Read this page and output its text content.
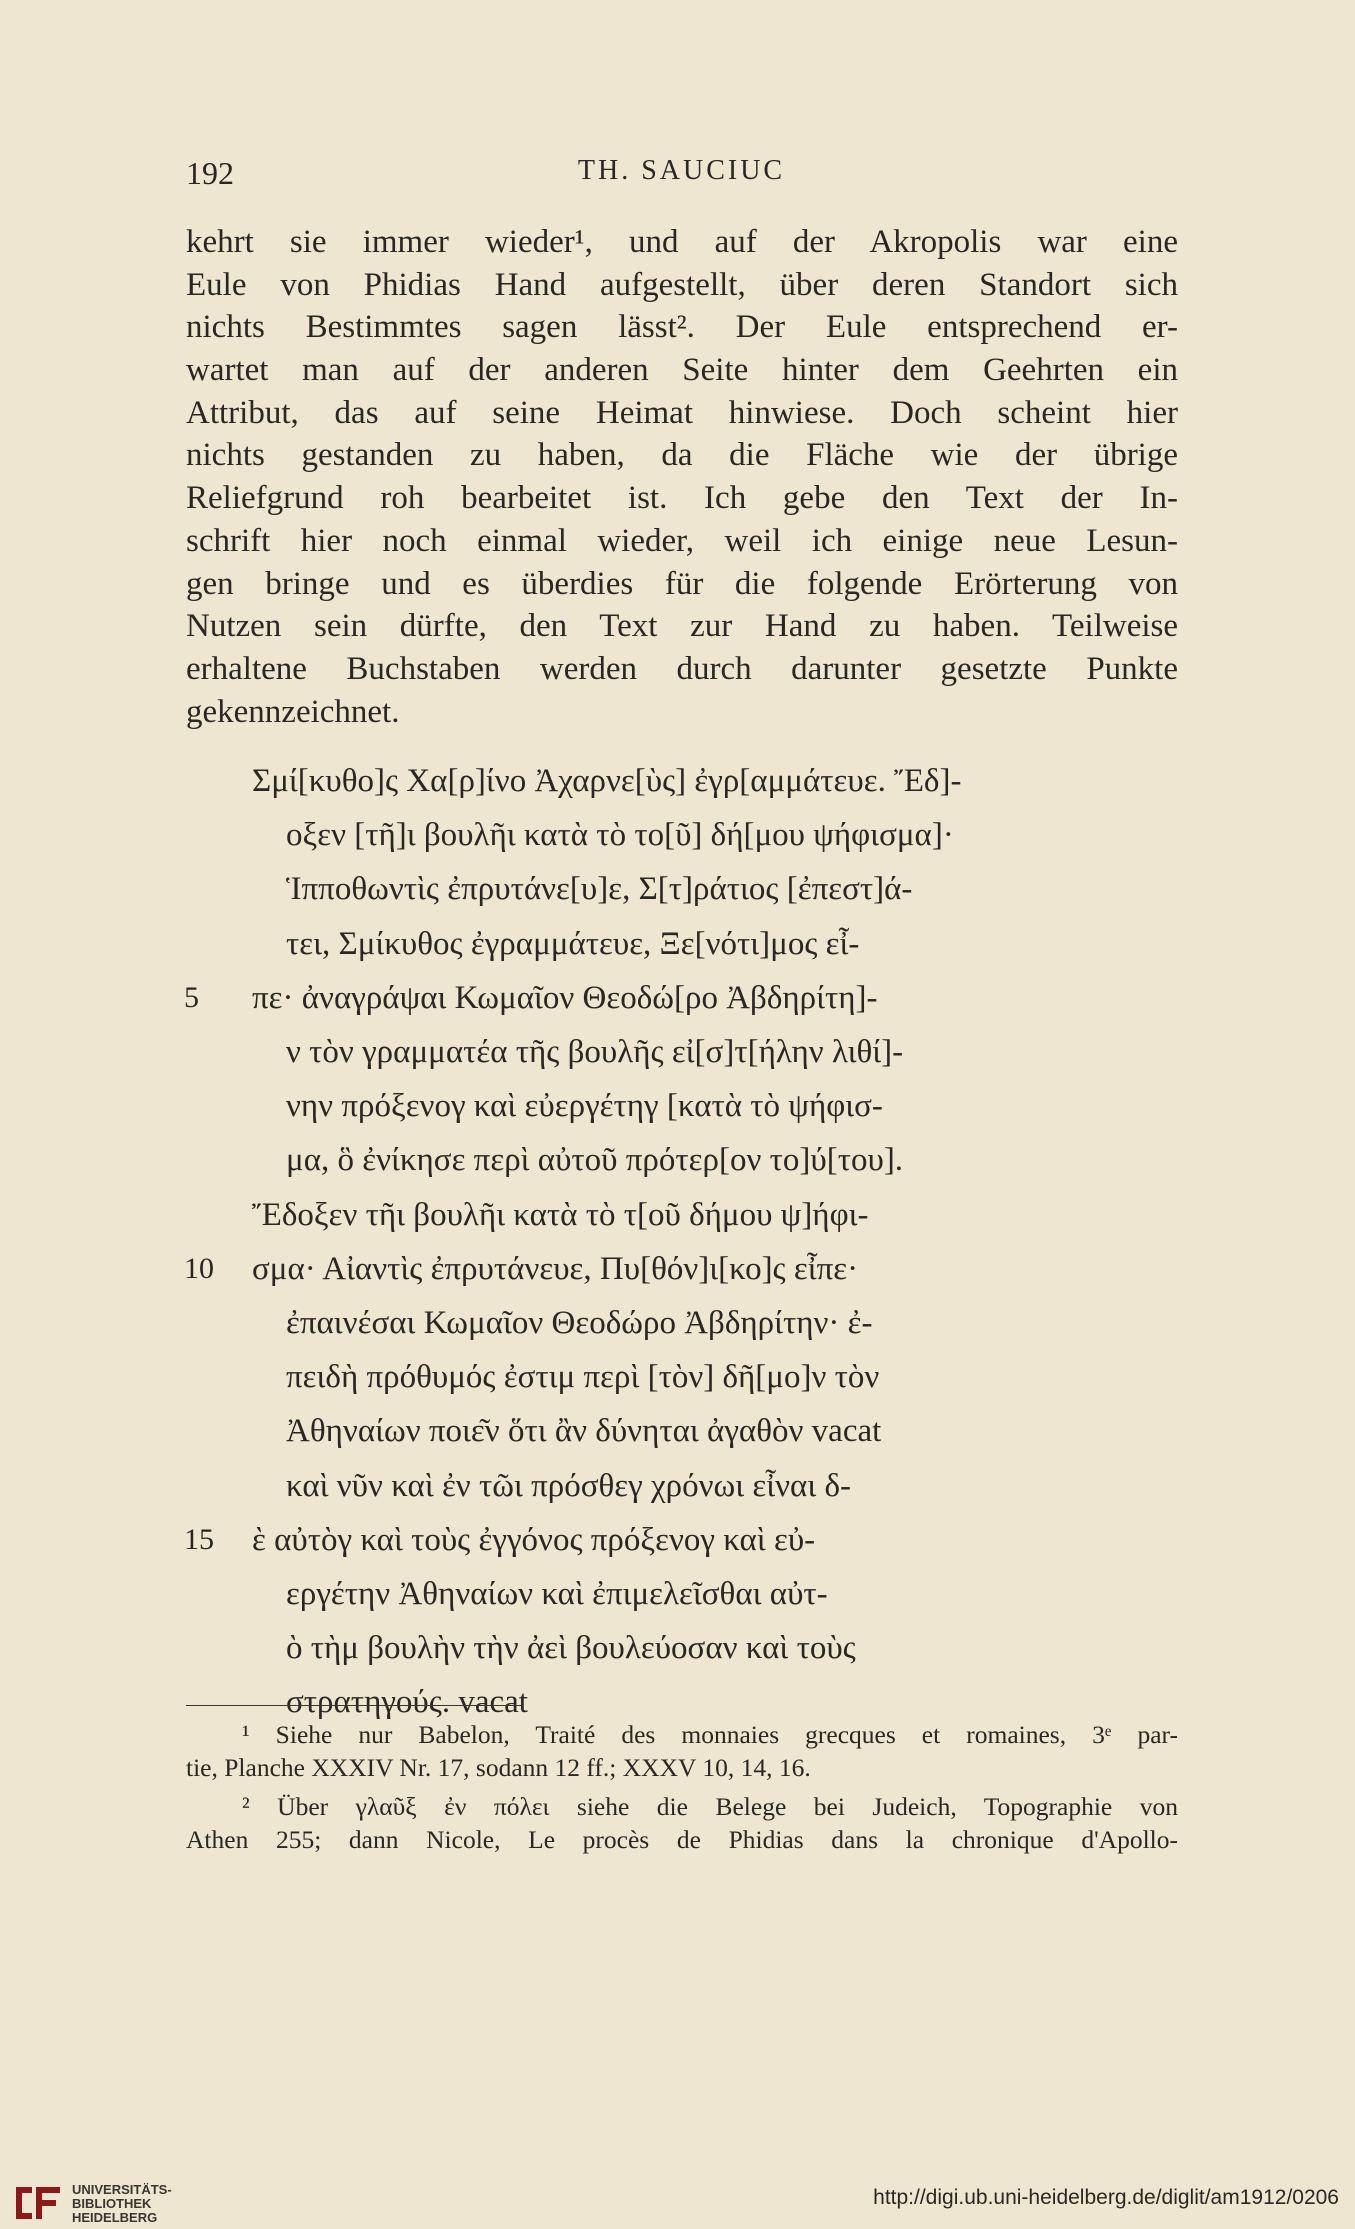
192	TH. SAUCIUC
kehrt sie immer wieder¹, und auf der Akropolis war eine
Eule von Phidias Hand aufgestellt, über deren Standort sich
nichts Bestimmtes sagen lässt². Der Eule entsprechend er-
wartet man auf der anderen Seite hinter dem Geehrten ein
Attribut, das auf seine Heimat hinwiese. Doch scheint hier
nichts gestanden zu haben, da die Fläche wie der übrige
Reliefgrund roh bearbeitet ist. Ich gebe den Text der In-
schrift hier noch einmal wieder, weil ich einige neue Lesun-
gen bringe und es überdies für die folgende Erörterung von
Nutzen sein dürfte, den Text zur Hand zu haben. Teilweise
erhaltene Buchstaben werden durch darunter gesetzte Punkte
gekennzeichnet.
Σμί[κυθο]ς Χα[ρ]ίνο Ἀχαρνε[ὺς] ἐγρ[αμμάτευε. Ἔδ]-
οξεν [τῆ]ι βουλῆι κατὰ τὸ το[ῦ] δή[μου ψήφισμα]·
Ἱπποθωντὶς ἐπρυτάνε[υ]ε, Σ[τ]ράτιος [ἐπεστ]ά-
τει, Σμίκυθος ἐγραμμάτευε, Ξε[νότι]μος εἶ-
5	πε· ἀναγράψαι Κωμαῖον Θεοδώ[ρο Ἀβδηρίτη]-
ν τὸν γραμματέα τῆς βουλῆς εἰ[σ]τ[ήλην λιθί]-
νην πρόξενογ καὶ εὐεργέτηγ [κατὰ τὸ ψήφισ-
μα, ὃ ἐνίκησε περὶ αὐτοῦ πρότερ[ον το]ύ[του].
Ἔδοξεν τῆι βουλῆι κατὰ τὸ τ[οῦ δήμου ψ]ήφι-
10	σμα· Αἰαντὶς ἐπρυτάνευε, Πυ[θόν]ι[κο]ς εἶπε·
ἐπαινέσαι Κωμαῖον Θεοδώρο Ἀβδηρίτην· ἐ-
πειδὴ πρόθυμός ἐστιμ περὶ [τὸν] δῆ[μο]ν τὸν
Ἀθηναίων ποιε͂ν ὅτι ἂν δύνηται ἀγαθὸν vacat
καὶ νῦν καὶ ἐν τῶι πρόσθεγ χρόνωι εἶναι δ-
15	ὲ αὐτὸγ καὶ τοὺς ἐγγόνος πρόξενογ καὶ εὐ-
εργέτην Ἀθηναίων καὶ ἐπιμελεῖσθαι αὐτ-
ὸ τὴμ βουλὴν τὴν ἀεὶ βουλεύοσαν καὶ τοὺς
στρατηγούς. vacat
¹ Siehe nur Babelon, Traité des monnaies grecques et romaines, 3ᵉ par-
tie, Planche XXXIV Nr. 17, sodann 12 ff.; XXXV 10, 14, 16.
² Über γλαῦξ ἐν πόλει siehe die Belege bei Judeich, Topographie von
Athen 255; dann Nicole, Le procès de Phidias dans la chronique d'Apollo-
UNIVERSITÄTS-
BIBLIOTHEK
HEIDELBERG
http://digi.ub.uni-heidelberg.de/diglit/am1912/0206
